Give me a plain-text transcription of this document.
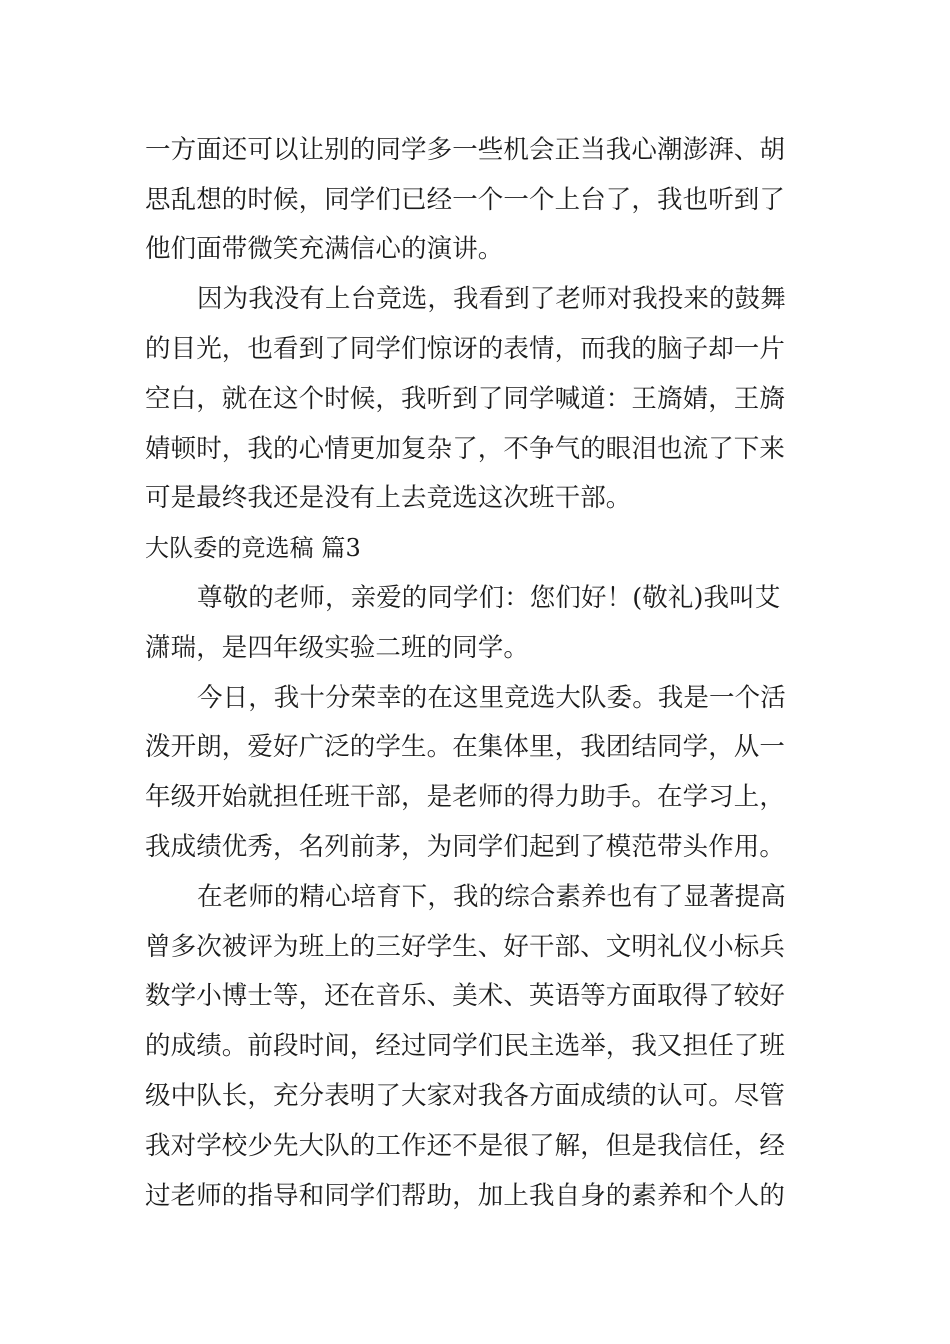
一方面还可以让别的同学多一些机会正当我心潮澎湃、胡
思乱想的时候，同学们已经一个一个上台了，我也听到了
他们面带微笑充满信心的演讲。
因为我没有上台竞选，我看到了老师对我投来的鼓舞
的目光，也看到了同学们惊讶的表情，而我的脑子却一片
空白，就在这个时候，我听到了同学喊道：王旖婧，王旖
婧顿时，我的心情更加复杂了，不争气的眼泪也流了下来
可是最终我还是没有上去竞选这次班干部。
大队委的竞选稿 篇3
尊敬的老师，亲爱的同学们：您们好！(敬礼)我叫艾
潇瑞，是四年级实验二班的同学。
今日，我十分荣幸的在这里竞选大队委。我是一个活
泼开朗，爱好广泛的学生。在集体里，我团结同学，从一
年级开始就担任班干部，是老师的得力助手。在学习上，
我成绩优秀，名列前茅，为同学们起到了模范带头作用。
在老师的精心培育下，我的综合素养也有了显著提高
曾多次被评为班上的三好学生、好干部、文明礼仪小标兵
数学小博士等，还在音乐、美术、英语等方面取得了较好
的成绩。前段时间，经过同学们民主选举，我又担任了班
级中队长，充分表明了大家对我各方面成绩的认可。尽管
我对学校少先大队的工作还不是很了解，但是我信任，经
过老师的指导和同学们帮助，加上我自身的素养和个人的
